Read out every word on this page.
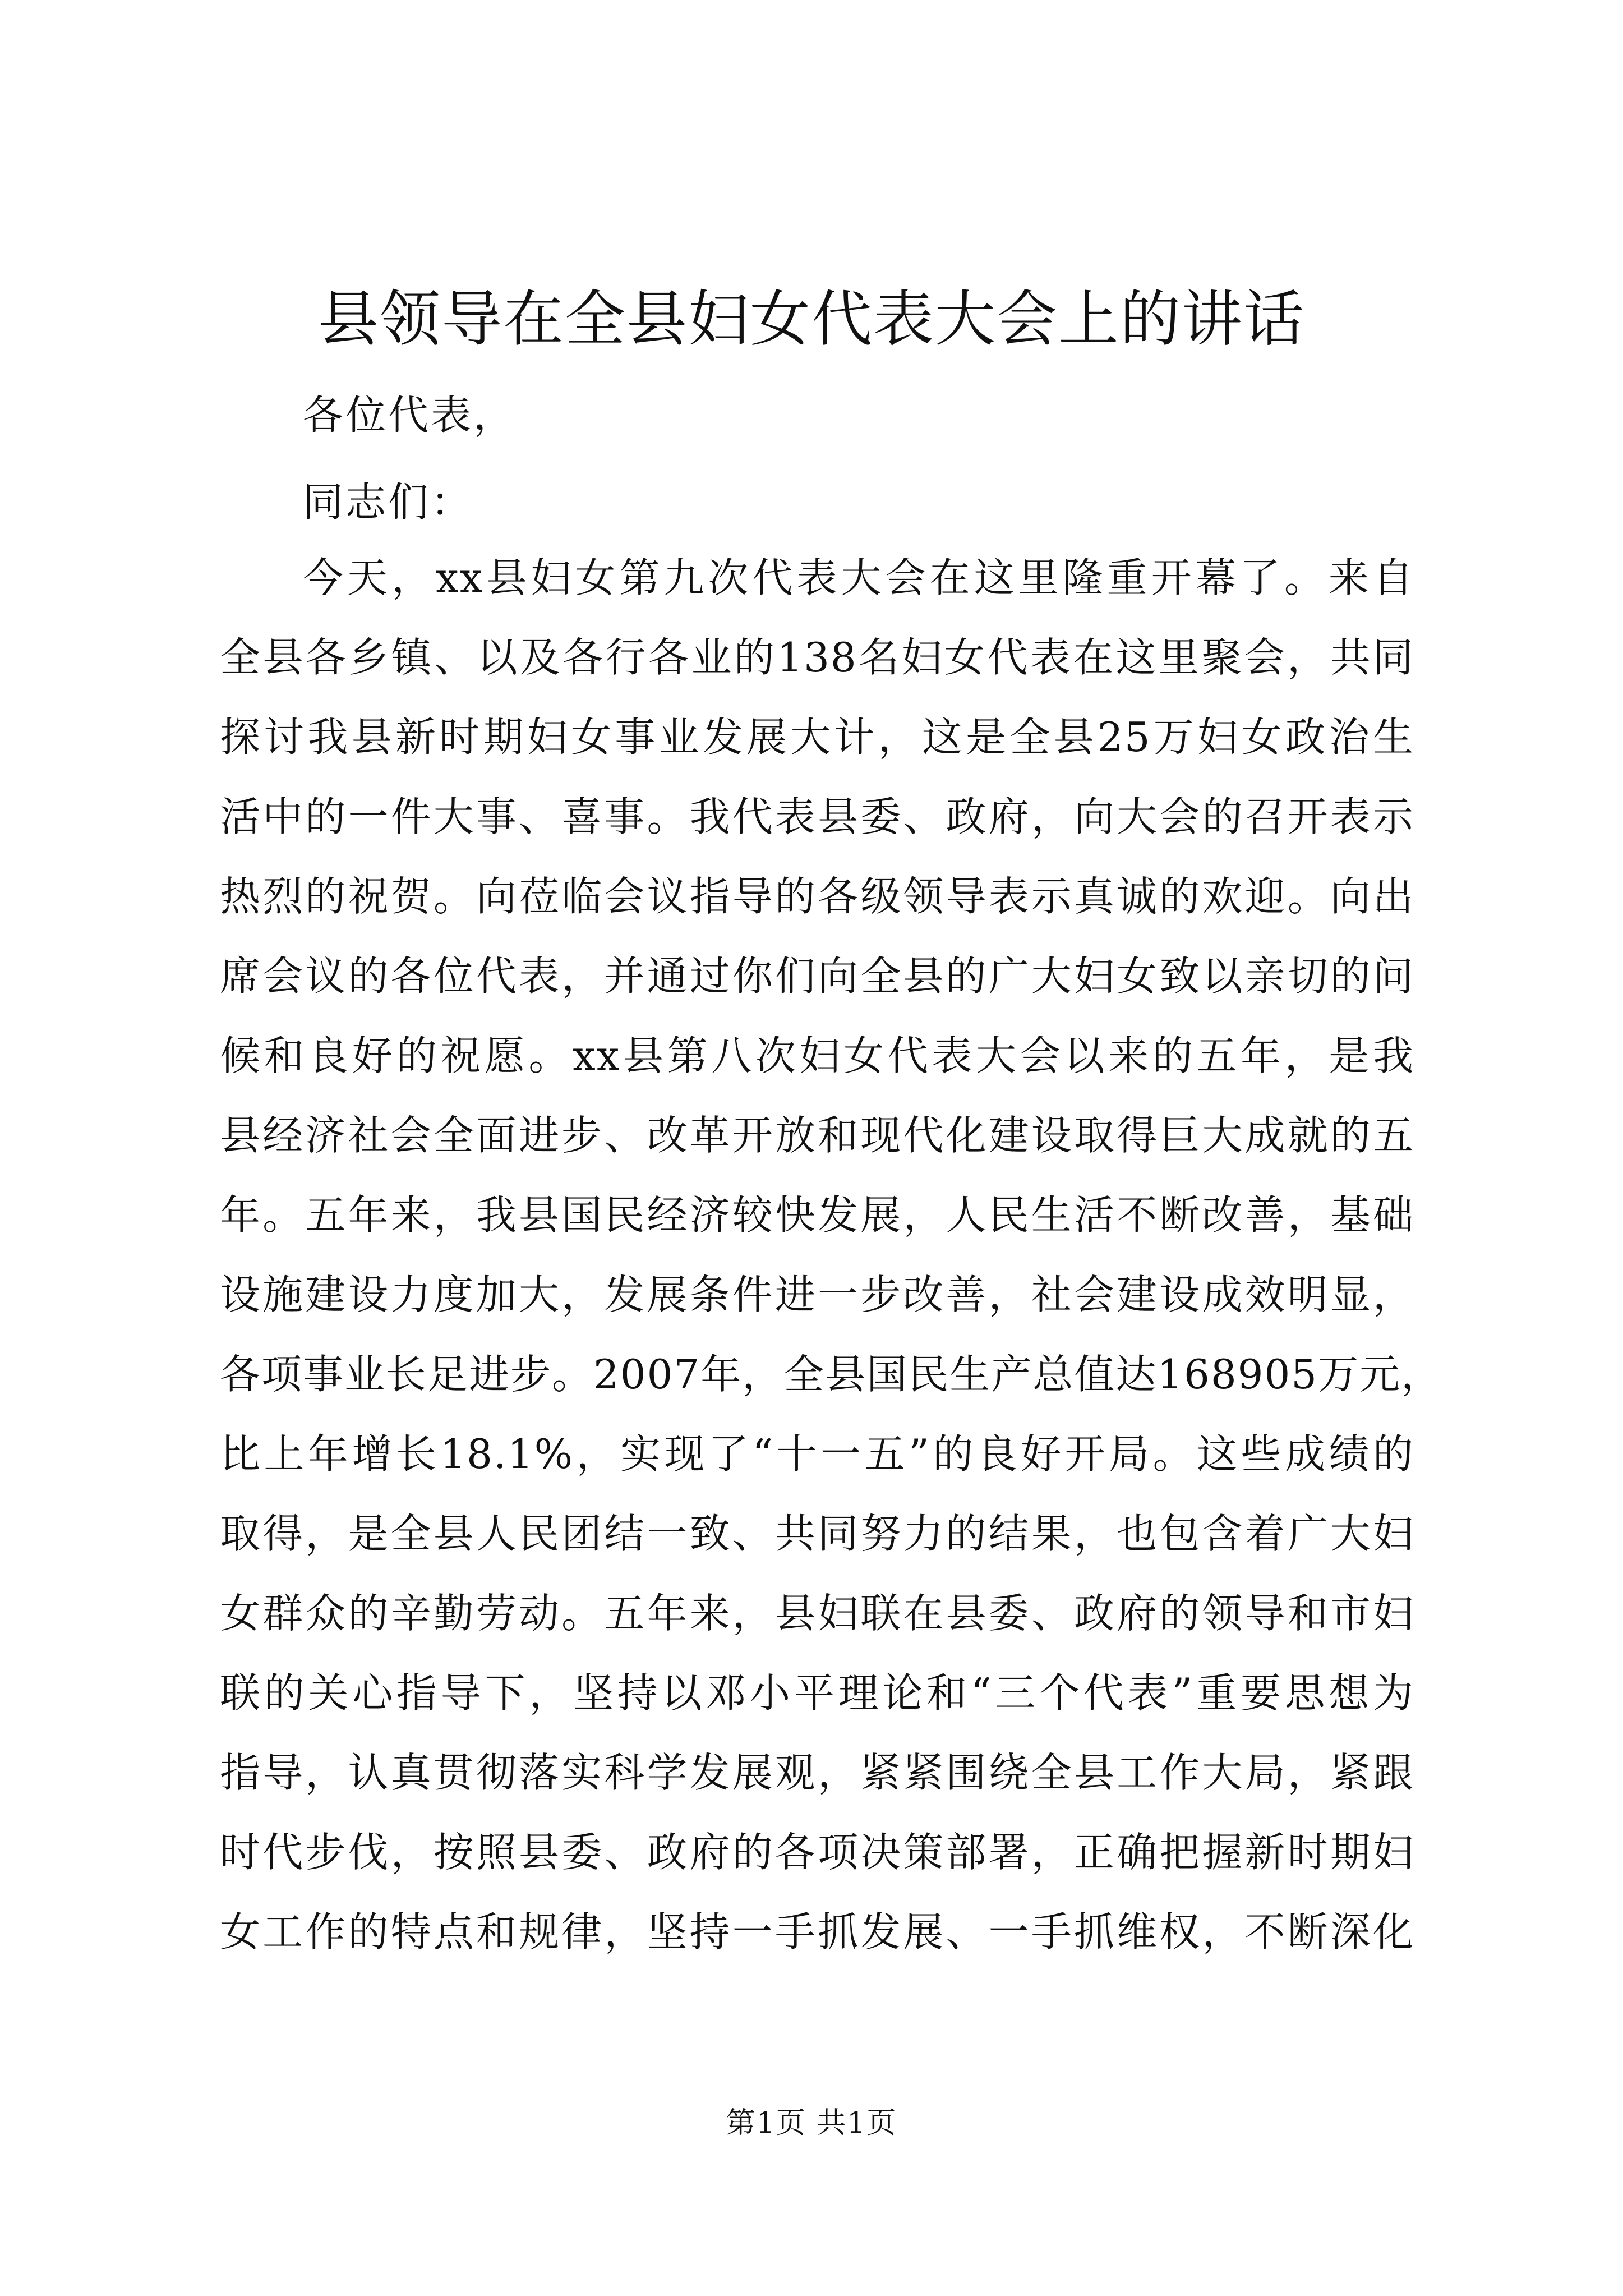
县领导在全县妇女代表大会上的讲话
各位代表，
同志们：
今天，xx县妇女第九次代表大会在这里隆重开幕了。来自
全县各乡镇、以及各行各业的138名妇女代表在这里聚会，共同
探讨我县新时期妇女事业发展大计，这是全县25万妇女政治生
活中的一件大事、喜事。我代表县委、政府，向大会的召开表示
热烈的祝贺。向莅临会议指导的各级领导表示真诚的欢迎。向出
席会议的各位代表，并通过你们向全县的广大妇女致以亲切的问
候和良好的祝愿。xx县第八次妇女代表大会以来的五年，是我
县经济社会全面进步、改革开放和现代化建设取得巨大成就的五
年。五年来，我县国民经济较快发展，人民生活不断改善，基础
设施建设力度加大，发展条件进一步改善，社会建设成效明显，
各项事业长足进步。2007年，全县国民生产总值达168905万元，
比上年增长18.1%，实现了“十一五”的良好开局。这些成绩的
取得，是全县人民团结一致、共同努力的结果，也包含着广大妇
女群众的辛勤劳动。五年来，县妇联在县委、政府的领导和市妇
联的关心指导下，坚持以邓小平理论和“三个代表”重要思想为
指导，认真贯彻落实科学发展观，紧紧围绕全县工作大局，紧跟
时代步伐，按照县委、政府的各项决策部署，正确把握新时期妇
女工作的特点和规律，坚持一手抓发展、一手抓维权，不断深化
第1页 共1页
